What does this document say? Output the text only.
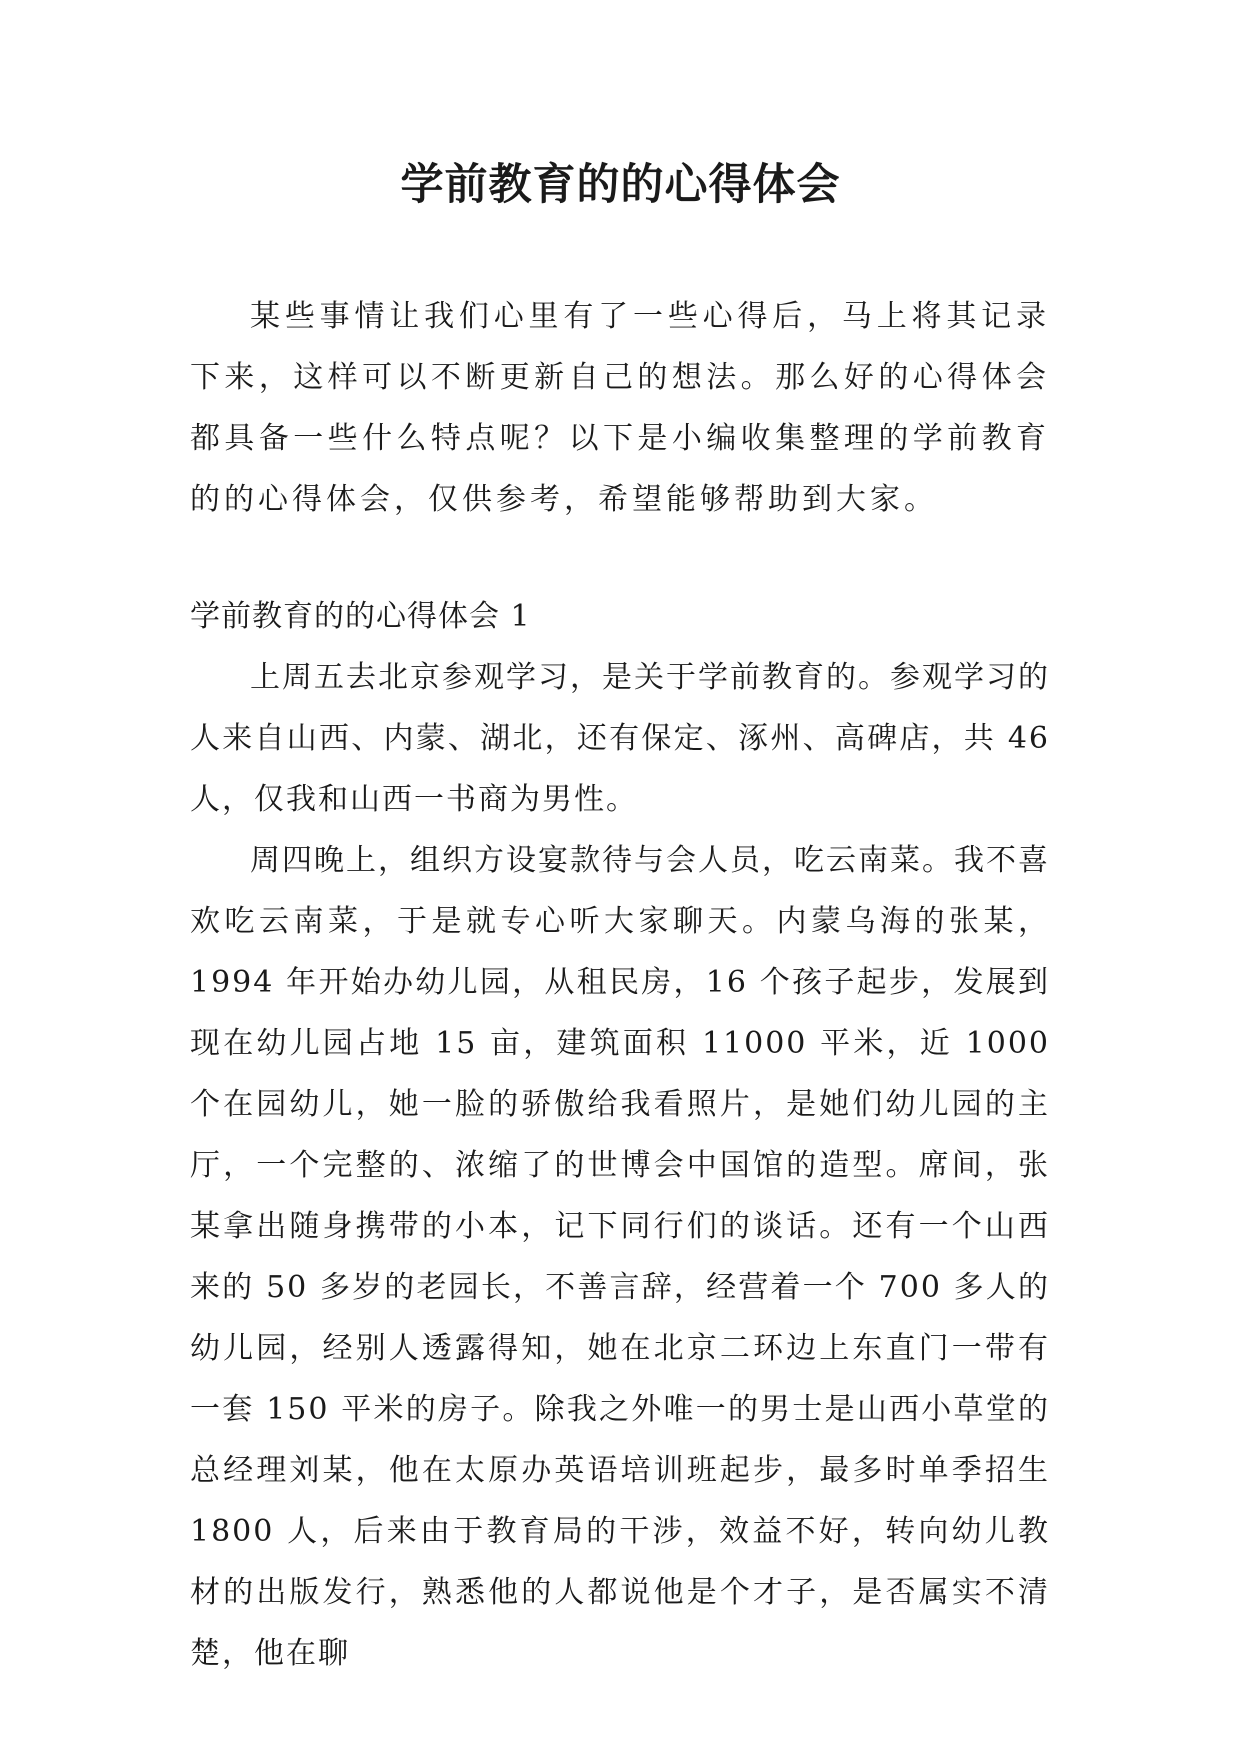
学前教育的的心得体会

某些事情让我们心里有了一些心得后，马上将其记录下来，这样可以不断更新自己的想法。那么好的心得体会都具备一些什么特点呢？以下是小编收集整理的学前教育的的心得体会，仅供参考，希望能够帮助到大家。

学前教育的的心得体会 1

上周五去北京参观学习，是关于学前教育的。参观学习的人来自山西、内蒙、湖北，还有保定、涿州、高碑店，共 46 人，仅我和山西一书商为男性。

周四晚上，组织方设宴款待与会人员，吃云南菜。我不喜欢吃云南菜，于是就专心听大家聊天。内蒙乌海的张某，1994 年开始办幼儿园，从租民房，16 个孩子起步，发展到现在幼儿园占地 15 亩，建筑面积 11000 平米，近 1000 个在园幼儿，她一脸的骄傲给我看照片，是她们幼儿园的主厅，一个完整的、浓缩了的世博会中国馆的造型。席间，张某拿出随身携带的小本，记下同行们的谈话。还有一个山西来的 50 多岁的老园长，不善言辞，经营着一个 700 多人的幼儿园，经别人透露得知，她在北京二环边上东直门一带有一套 150 平米的房子。除我之外唯一的男士是山西小草堂的总经理刘某，他在太原办英语培训班起步，最多时单季招生 1800 人，后来由于教育局的干涉，效益不好，转向幼儿教材的出版发行，熟悉他的人都说他是个才子，是否属实不清楚，他在聊
